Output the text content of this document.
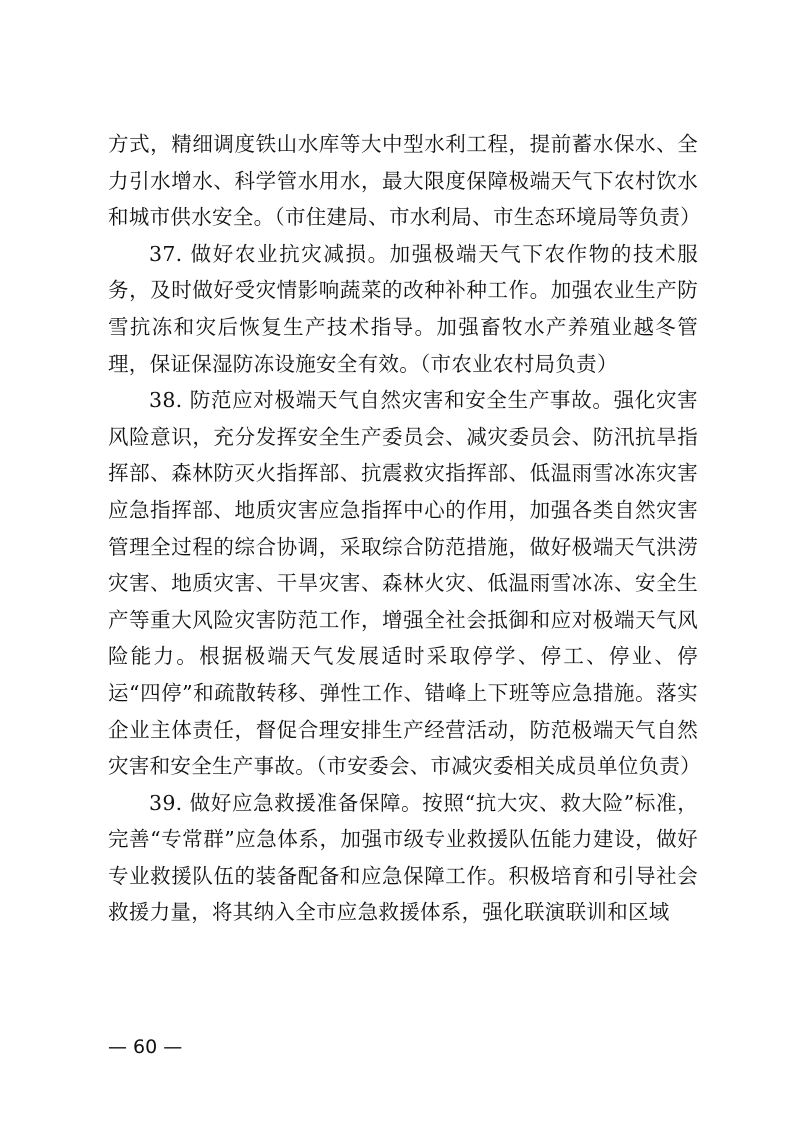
方式，精细调度铁山水库等大中型水利工程，提前蓄水保水、全力引水增水、科学管水用水，最大限度保障极端天气下农村饮水和城市供水安全。（市住建局、市水利局、市生态环境局等负责）

37. 做好农业抗灾减损。加强极端天气下农作物的技术服务，及时做好受灾情影响蔬菜的改种补种工作。加强农业生产防雪抗冻和灾后恢复生产技术指导。加强畜牧水产养殖业越冬管理，保证保湿防冻设施安全有效。（市农业农村局负责）

38. 防范应对极端天气自然灾害和安全生产事故。强化灾害风险意识，充分发挥安全生产委员会、减灾委员会、防汛抗旱指挥部、森林防灭火指挥部、抗震救灾指挥部、低温雨雪冰冻灾害应急指挥部、地质灾害应急指挥中心的作用，加强各类自然灾害管理全过程的综合协调，采取综合防范措施，做好极端天气洪涝灾害、地质灾害、干旱灾害、森林火灾、低温雨雪冰冻、安全生产等重大风险灾害防范工作，增强全社会抵御和应对极端天气风险能力。根据极端天气发展适时采取停学、停工、停业、停运“四停”和疏散转移、弹性工作、错峰上下班等应急措施。落实企业主体责任，督促合理安排生产经营活动，防范极端天气自然灾害和安全生产事故。（市安委会、市减灾委相关成员单位负责）

39. 做好应急救援准备保障。按照“抗大灾、救大险”标准，完善“专常群”应急体系，加强市级专业救援队伍能力建设，做好专业救援队伍的装备配备和应急保障工作。积极培育和引导社会救援力量，将其纳入全市应急救援体系，强化联演联训和区域

— 60 —
